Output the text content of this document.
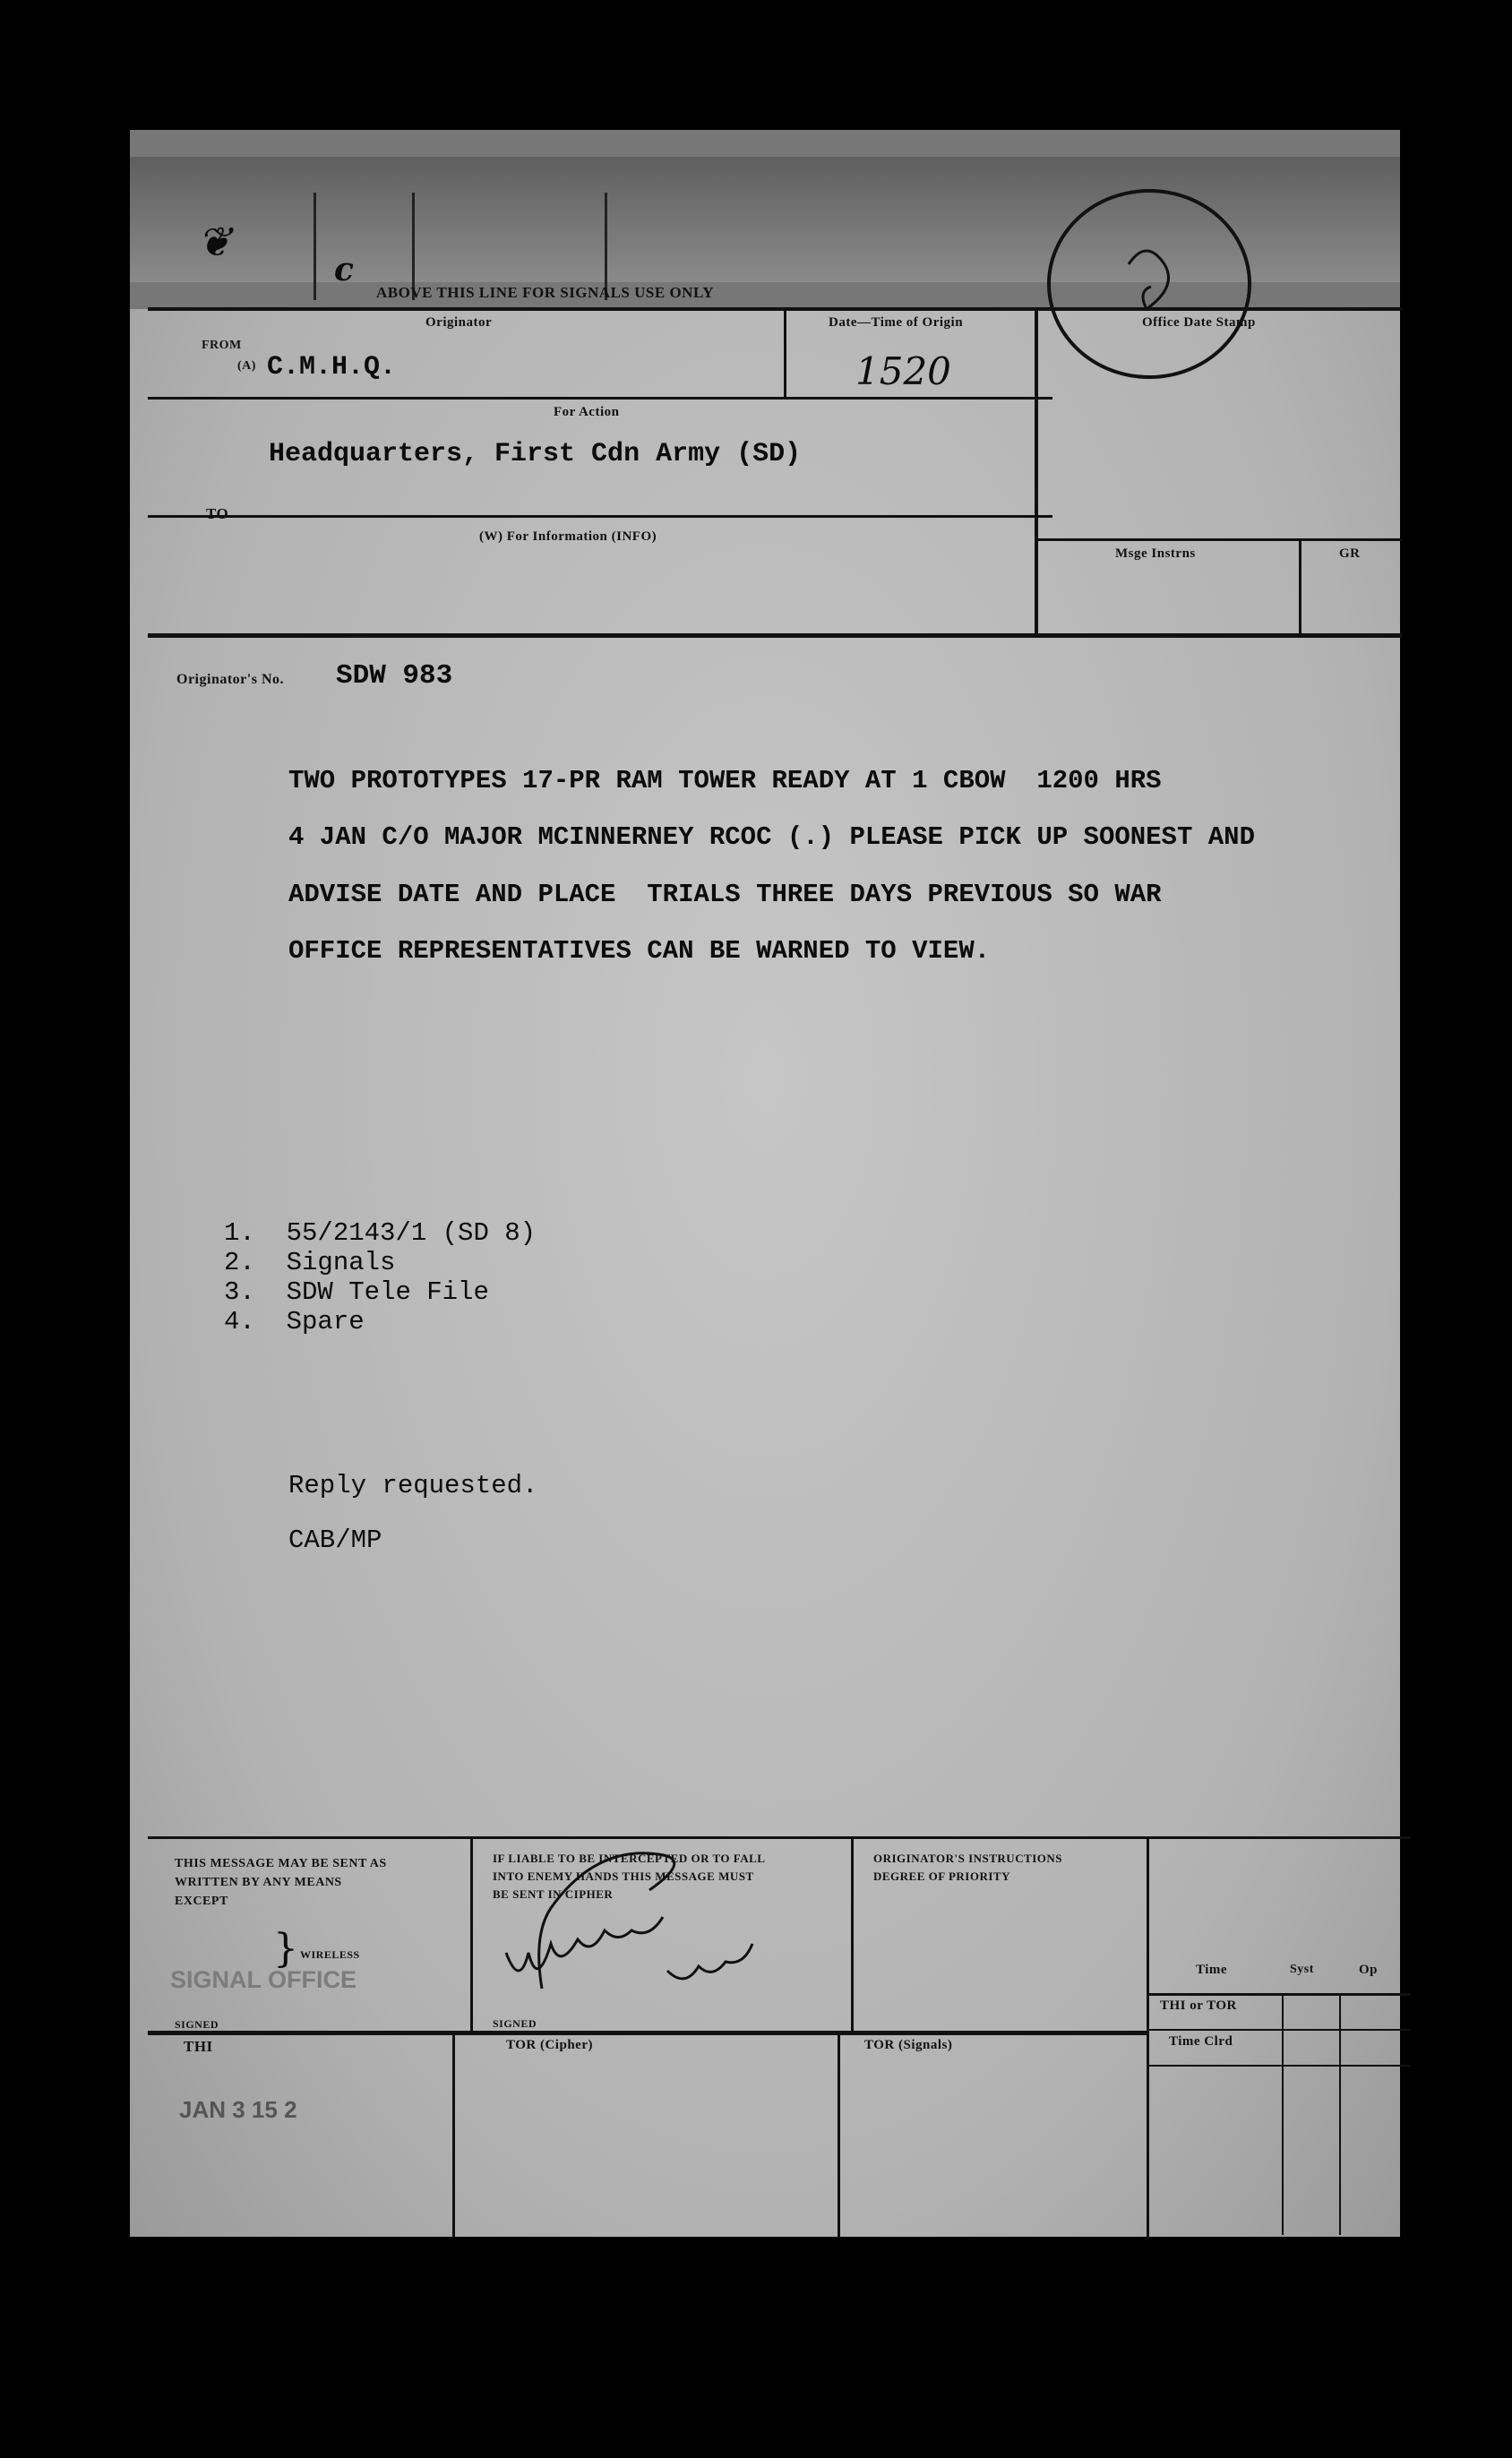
❦
c
ABOVE THIS LINE FOR SIGNALS USE ONLY
Originator
FROM
(A) C.M.H.Q.
Date—Time of Origin
1520
Office Date Stamp
For Action
Headquarters, First Cdn Army (SD)
TO
(W) For Information (INFO)
Msge Instrns	GR
Originator's No. SDW 983
TWO PROTOTYPES 17-PR RAM TOWER READY AT 1 CBOW  1200 HRS
4 JAN C/O MAJOR MCINNERNEY RCOC (.) PLEASE PICK UP SOONEST AND
ADVISE DATE AND PLACE  TRIALS THREE DAYS PREVIOUS SO WAR
OFFICE REPRESENTATIVES CAN BE WARNED TO VIEW.
1. 55/2143/1 (SD 8)
2. Signals
3. SDW Tele File
4. Spare
Reply requested.
CAB/MP
THIS MESSAGE MAY BE SENT AS
WRITTEN BY ANY MEANS
EXCEPT
} WIRELESS
SIGNAL OFFICE
SIGNED
IF LIABLE TO BE INTERCEPTED OR TO FALL
INTO ENEMY HANDS THIS MESSAGE MUST
BE SENT IN CIPHER
SIGNED
ORIGINATOR'S INSTRUCTIONS
DEGREE OF PRIORITY
Time	Syst	Op
THI or TOR
Time Clrd
THI	TOR (Cipher)	TOR (Signals)
JAN 3 15 2
